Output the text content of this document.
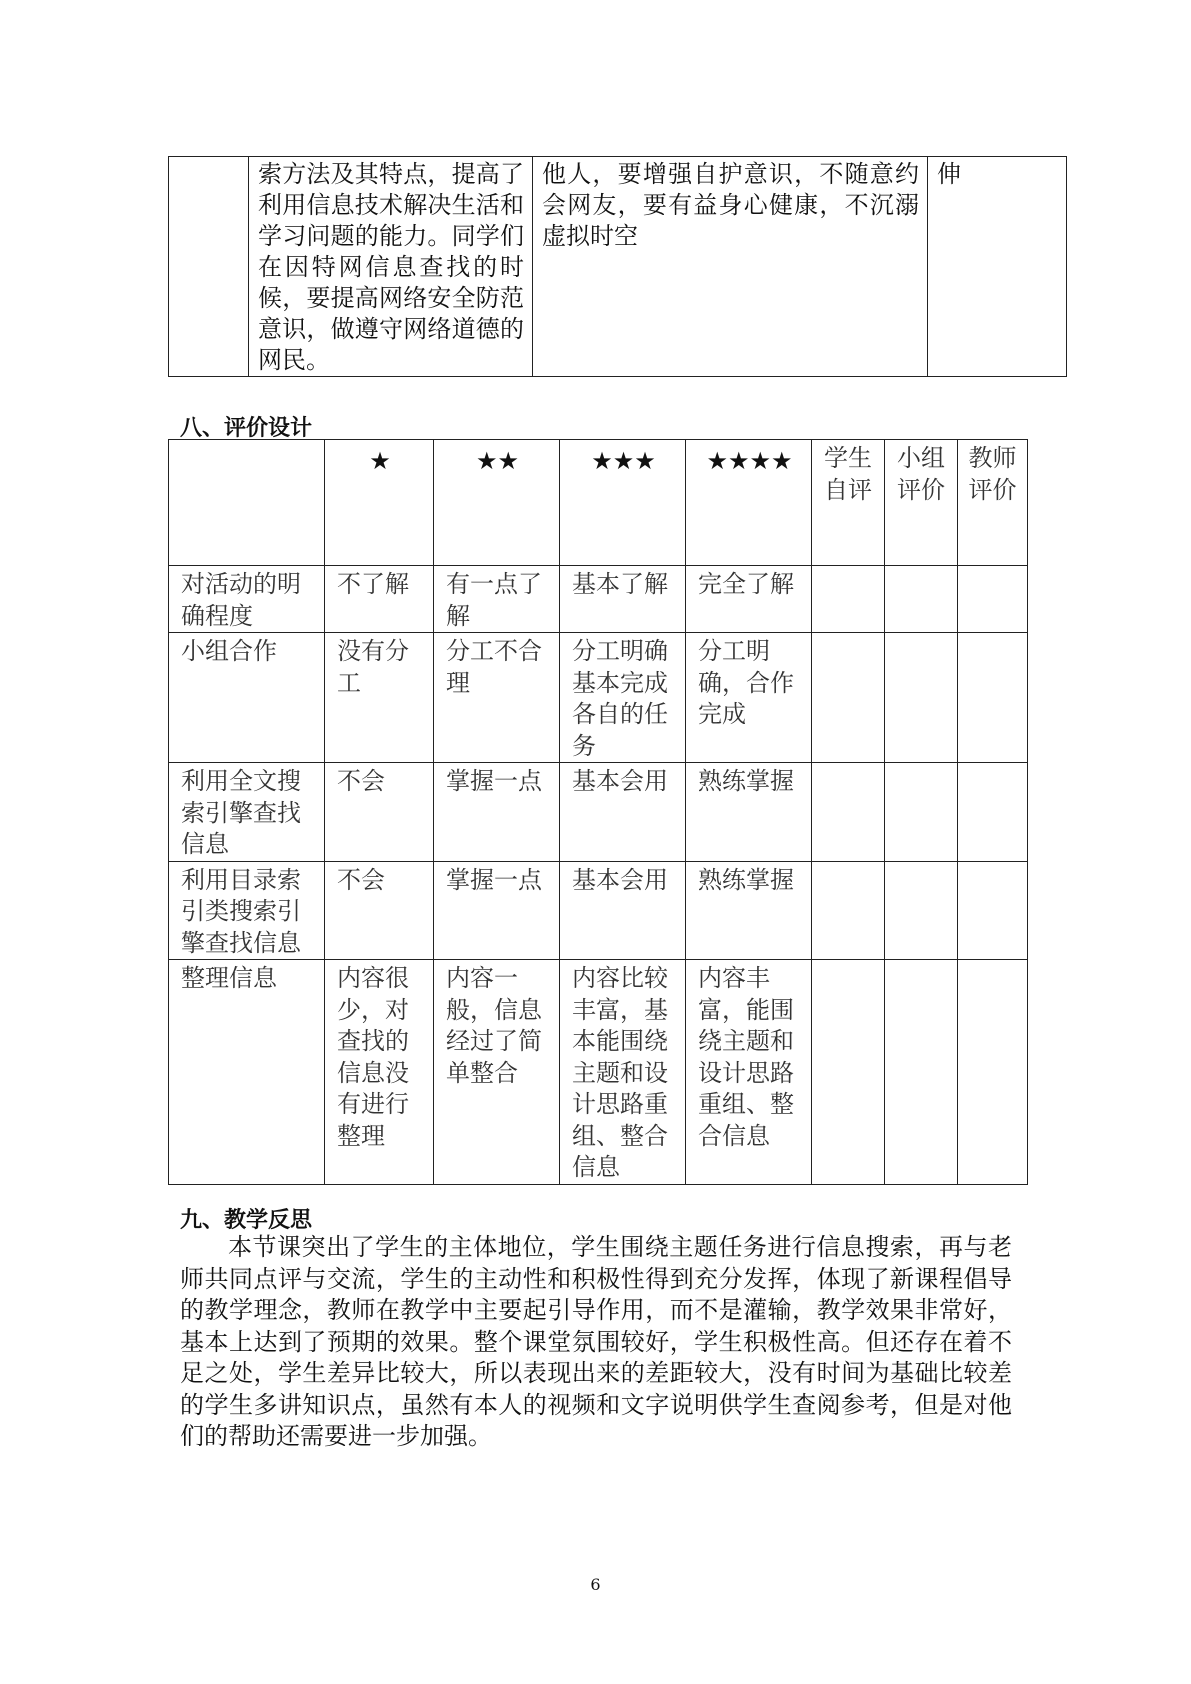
	索方法及其特点，提高了利用信息技术解决生活和学习问题的能力。同学们在因特网信息查找的时候，要提高网络安全防范意识，做遵守网络道德的网民。	他人，要增强自护意识，不随意约会网友，要有益身心健康，不沉溺虚拟时空	伸
八、评价设计
	★	★★	★★★	★★★★	学生自评	小组评价	教师评价
对活动的明确程度	不了解	有一点了解	基本了解	完全了解			
小组合作	没有分工	分工不合理	分工明确基本完成各自的任务	分工明确，合作完成			
利用全文搜索引擎查找信息	不会	掌握一点	基本会用	熟练掌握			
利用目录索引类搜索引擎查找信息	不会	掌握一点	基本会用	熟练掌握			
整理信息	内容很少，对查找的信息没有进行整理	内容一般，信息经过了简单整合	内容比较丰富，基本能围绕主题和设计思路重组、整合信息	内容丰富，能围绕主题和设计思路重组、整合信息			
九、教学反思

本节课突出了学生的主体地位，学生围绕主题任务进行信息搜索，再与老师共同点评与交流，学生的主动性和积极性得到充分发挥，体现了新课程倡导的教学理念，教师在教学中主要起引导作用，而不是灌输，教学效果非常好，基本上达到了预期的效果。整个课堂氛围较好，学生积极性高。但还存在着不足之处，学生差异比较大，所以表现出来的差距较大，没有时间为基础比较差的学生多讲知识点，虽然有本人的视频和文字说明供学生查阅参考，但是对他们的帮助还需要进一步加强。

6
